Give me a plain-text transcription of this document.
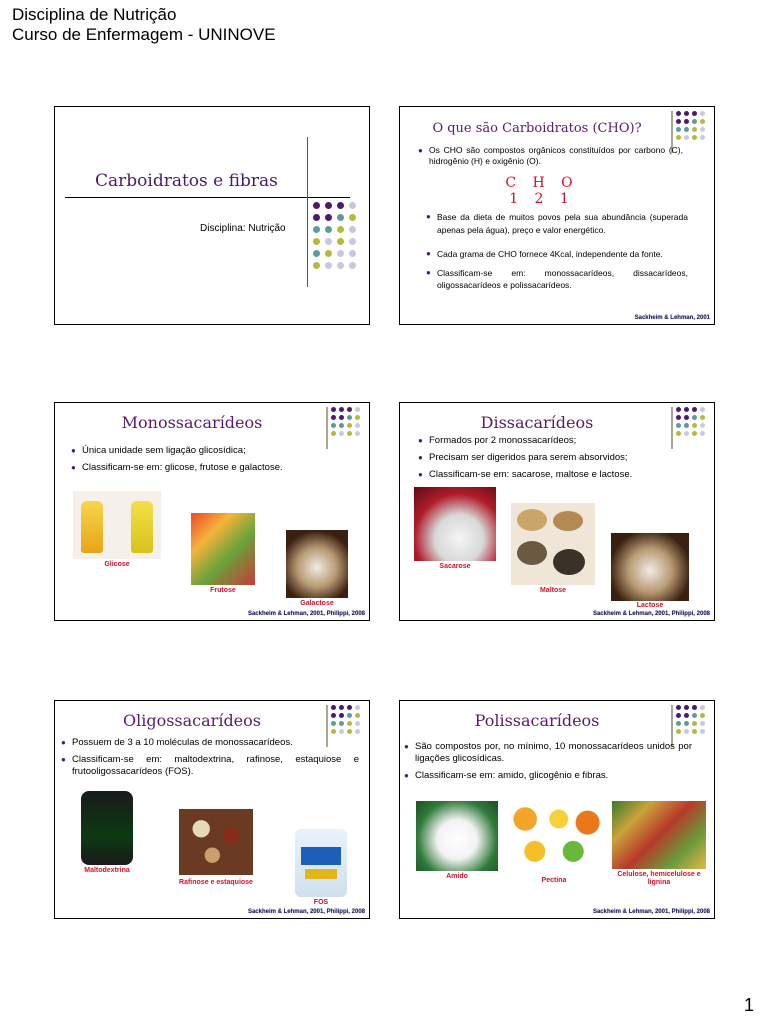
Disciplina de Nutrição
Curso de Enfermagem - UNINOVE
Carboidratos e fibras
Disciplina: Nutrição
O que são Carboidratos (CHO)?
● Os CHO são compostos orgânicos constituídos por carbono (C), hidrogênio (H) e oxigênio (O).
C H O
1 2 1
● Base da dieta de muitos povos pela sua abundância (superada apenas pela água), preço e valor energético.
● Cada grama de CHO fornece 4Kcal, independente da fonte.
● Classificam-se em: monossacarídeos, dissacarídeos, oligossacarídeos e polissacarídeos.
Sackheim & Lehman, 2001
Monossacarídeos
● Única unidade sem ligação glicosídica;
● Classificam-se em: glicose, frutose e galactose.
Glicose
Frutose
Galactose
Sackheim & Lehman, 2001, Philippi, 2008
Dissacarídeos
● Formados por 2 monossacarídeos;
● Precisam ser digeridos para serem absorvidos;
● Classificam-se em: sacarose, maltose e lactose.
Sacarose
Maltose
Lactose
Sackheim & Lehman, 2001, Philippi, 2008
Oligossacarídeos
● Possuem de 3 a 10 moléculas de monossacarídeos.
● Classificam-se em: maltodextrina, rafinose, estaquiose e frutooligossacarídeos (FOS).
Maltodextrina
Rafinose e estaquiose
FOS
Sackheim & Lehman, 2001, Philippi, 2008
Polissacarídeos
● São compostos por, no mínimo, 10 monossacarídeos unidos por ligações glicosídicas.
● Classificam-se em: amido, glicogênio e fibras.
Amido
Pectina
Celulose, hemicelulose e lignina
Sackheim & Lehman, 2001, Philippi, 2008
1
